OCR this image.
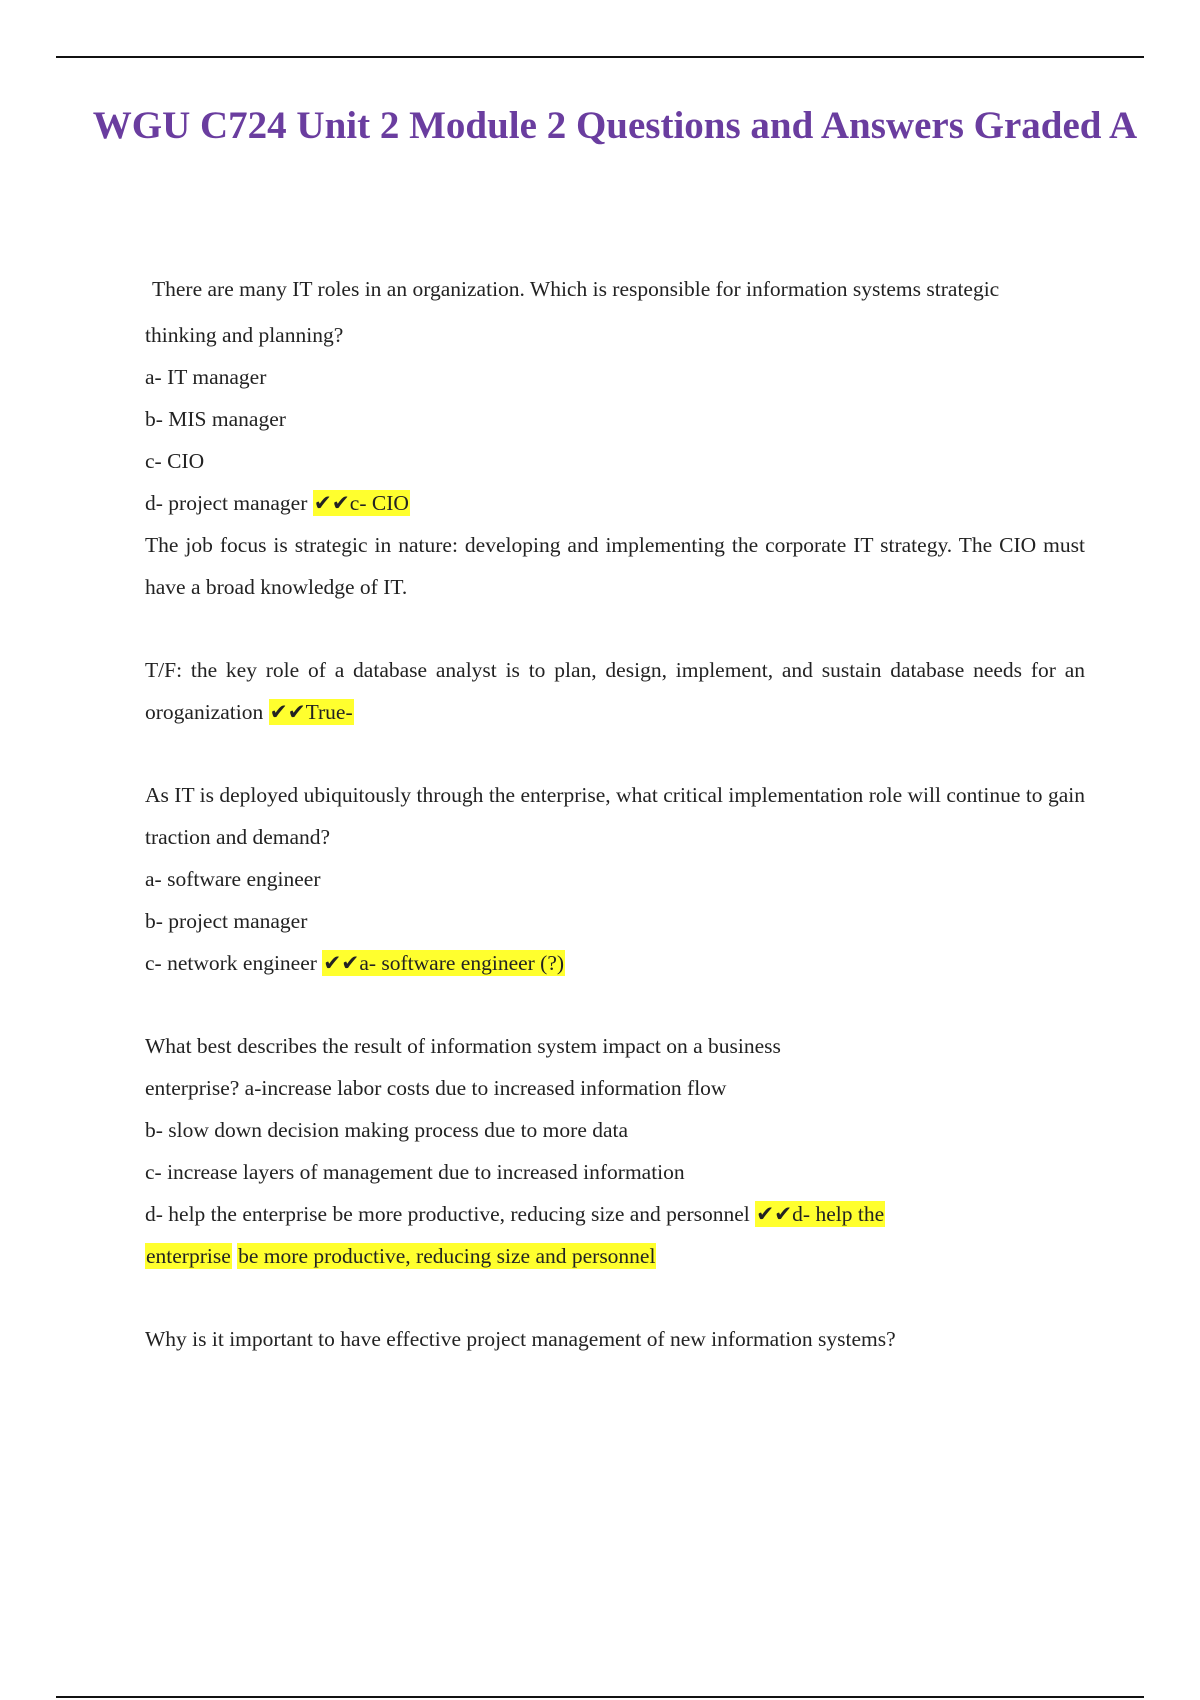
WGU C724 Unit 2 Module 2 Questions and Answers Graded A
There are many IT roles in an organization. Which is responsible for information systems strategic
thinking and planning?
a- IT manager
b- MIS manager
c- CIO
d- project manager ✔✔c- CIO
The job focus is strategic in nature: developing and implementing the corporate IT strategy. The CIO must have a broad knowledge of IT.
T/F: the key role of a database analyst is to plan, design, implement, and sustain database needs for an oroganization ✔✔True-
As IT is deployed ubiquitously through the enterprise, what critical implementation role will continue to gain traction and demand?
a- software engineer
b- project manager
c- network engineer ✔✔a- software engineer (?)
What best describes the result of information system impact on a business
enterprise? a-increase labor costs due to increased information flow
b- slow down decision making process due to more data
c- increase layers of management due to increased information
d- help the enterprise be more productive, reducing size and personnel ✔✔d- help the
enterprise be more productive, reducing size and personnel
Why is it important to have effective project management of new information systems?
